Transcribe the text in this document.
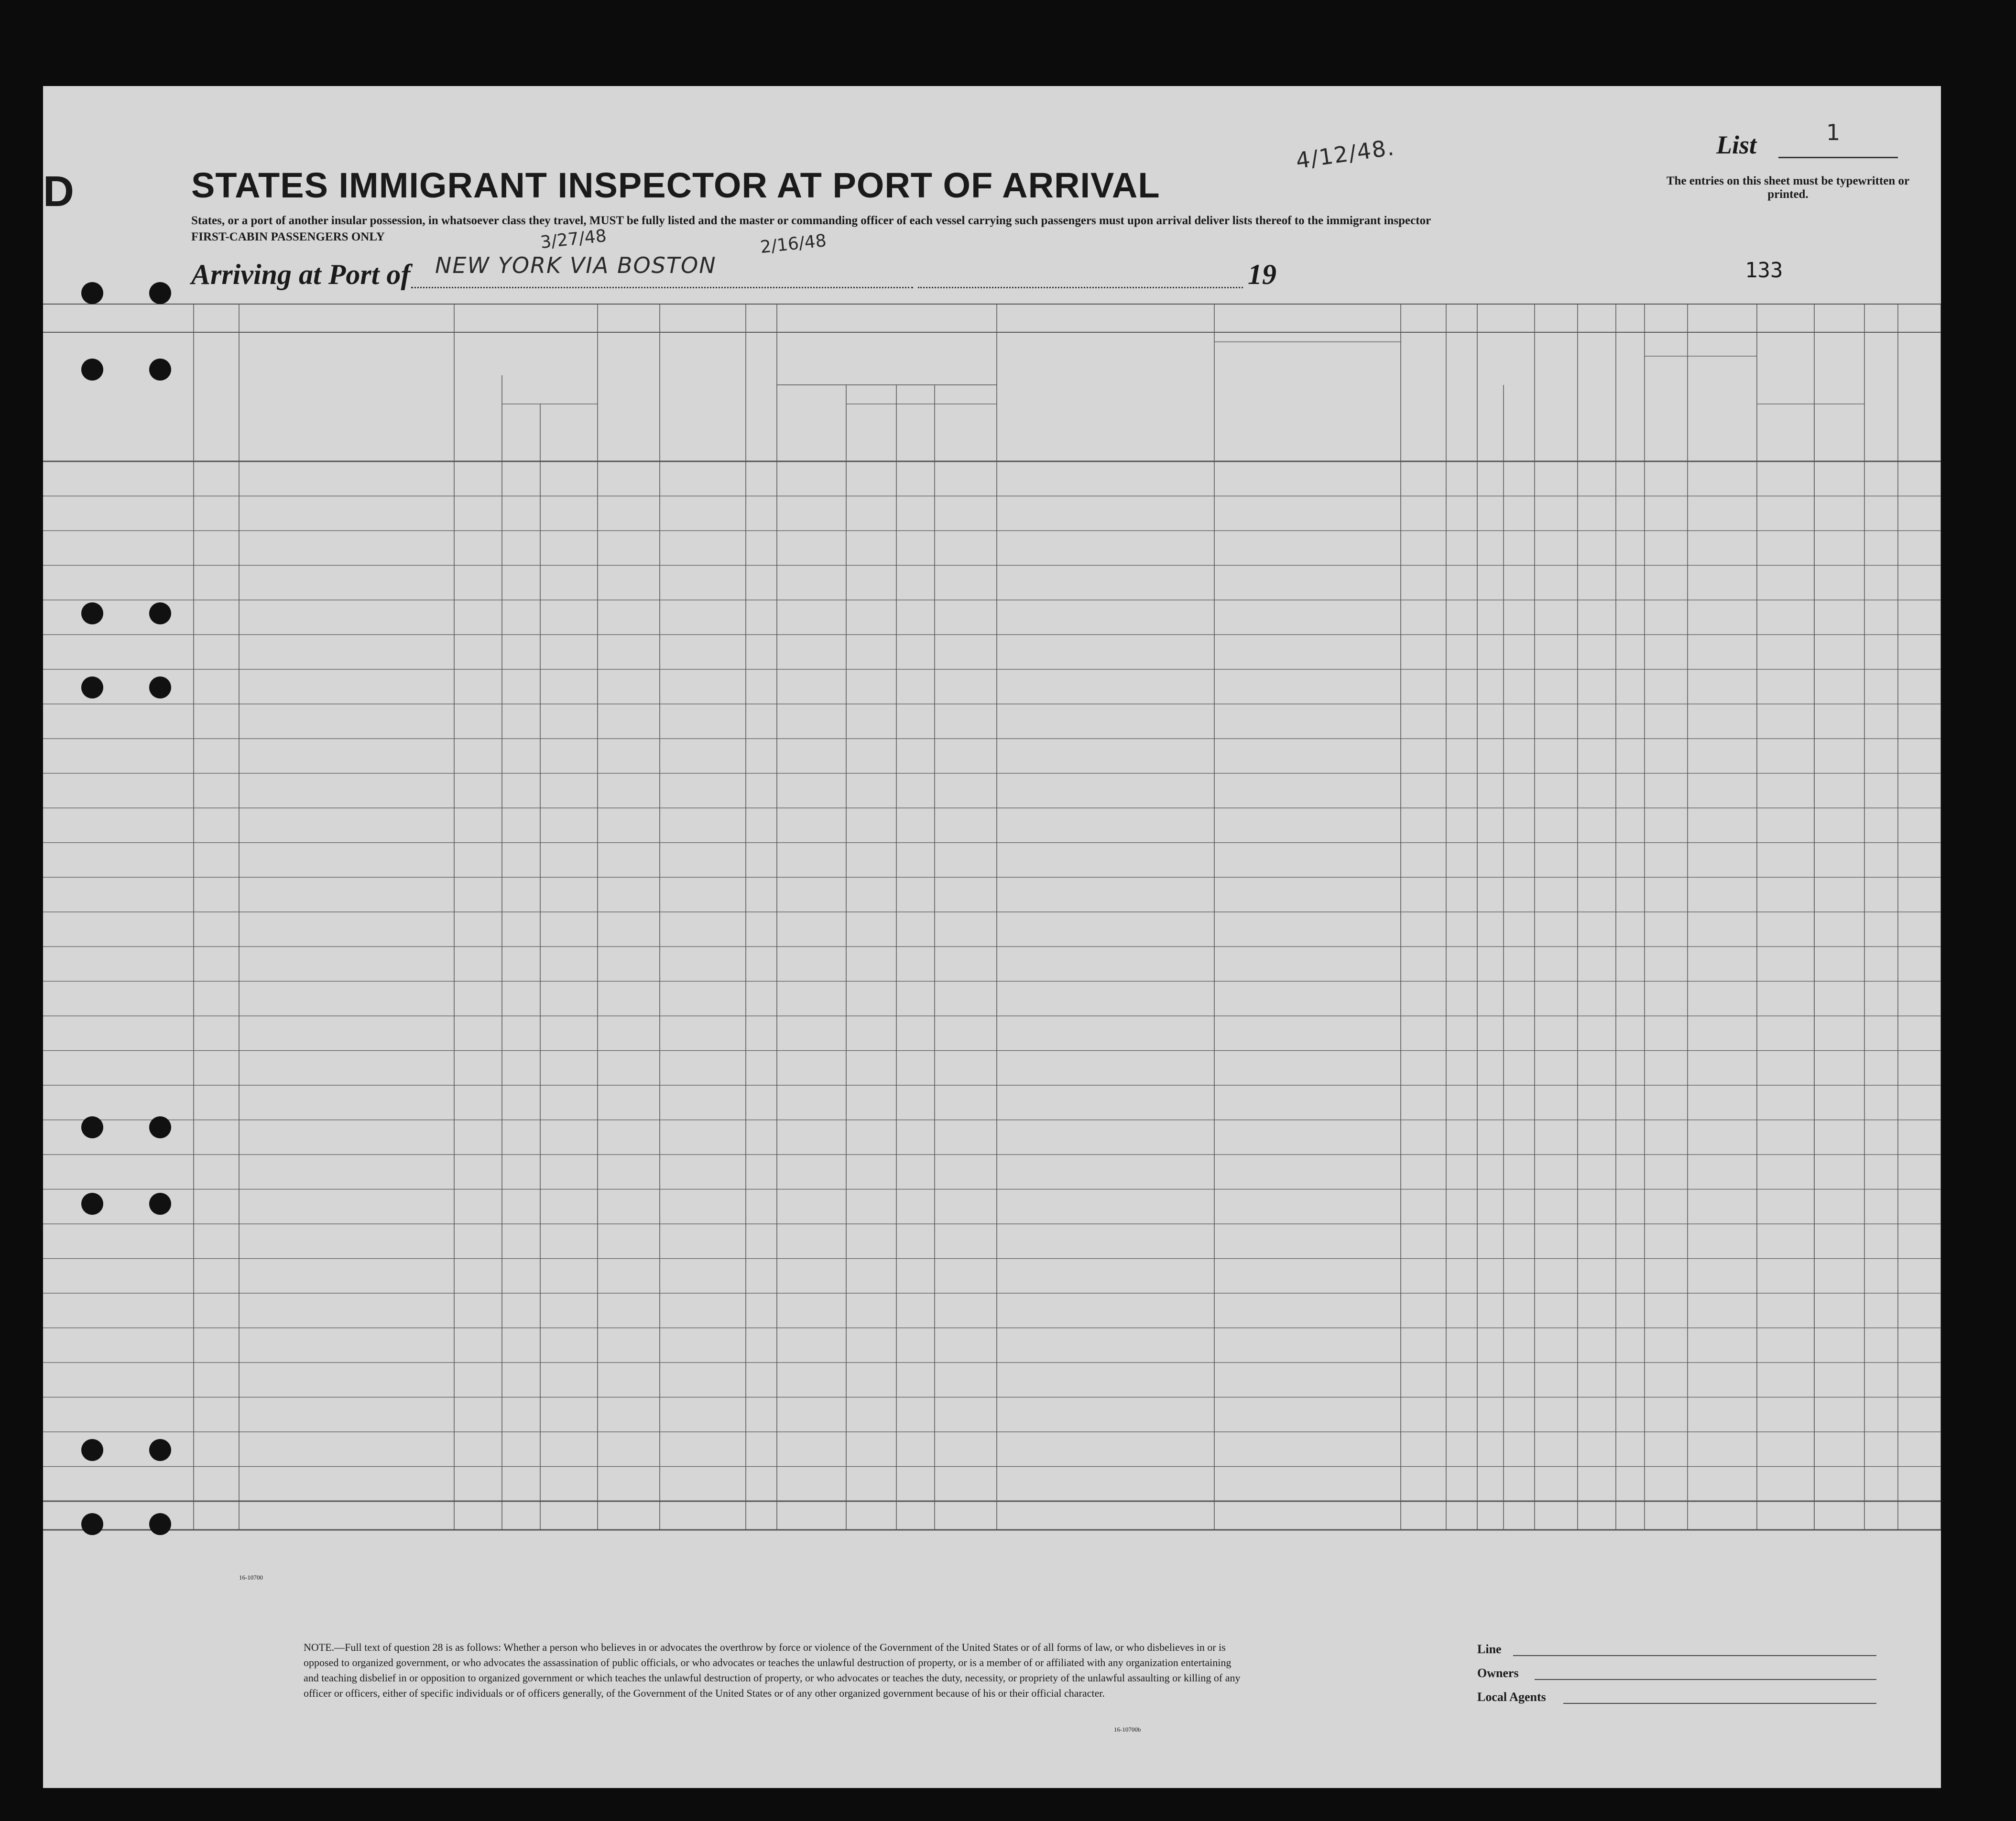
D	STATES IMMIGRANT INSPECTOR AT PORT OF ARRIVAL
States, or a port of another insular possession, in whatsoever class they travel, MUST be fully listed and the master or commanding officer of each vessel carrying such passengers must upon arrival deliver lists thereof to the immigrant inspector
FIRST-CABIN PASSENGERS ONLY
Arriving at Port of NEW YORK VIA BOSTON	19
3/27/48	2/16/48
4/12/48.
133
List	1
The entries on this sheet must be typewritten or printed.
16-10700
NOTE.—Full text of question 28 is as follows: Whether a person who believes in or advocates the overthrow by force or violence of the Government of the United States or of all forms of law, or who disbelieves in or is opposed to organized government, or who advocates the assassination of public officials, or who advocates or teaches the unlawful destruction of property, or is a member of or affiliated with any organization entertaining and teaching disbelief in or opposition to organized government or which teaches the unlawful destruction of property, or who advocates or teaches the duty, necessity, or propriety of the unlawful assaulting or killing of any officer or officers, either of specific individuals or of officers generally, of the Government of the United States or of any other organized government because of his or their official character.
16-10700b
Line
Owners
Local Agents
